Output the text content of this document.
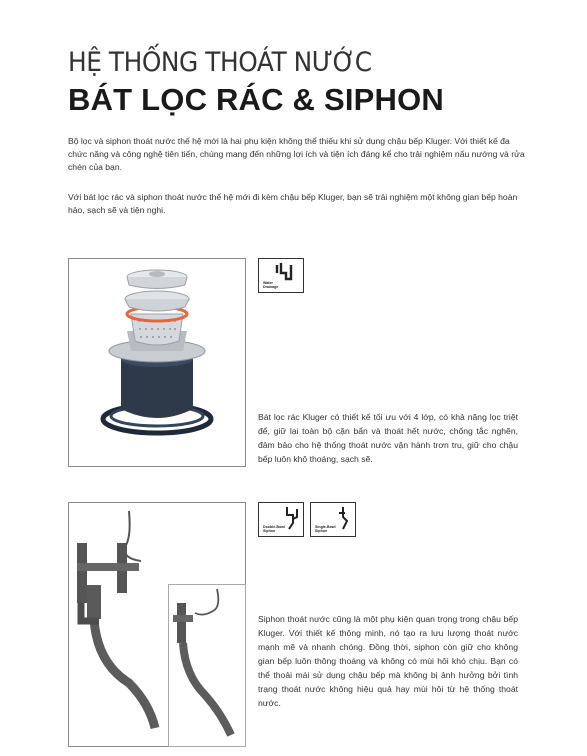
HỆ THỐNG THOÁT NƯỚC
BÁT LỌC RÁC & SIPHON

Bộ lọc và siphon thoát nước thế hệ mới là hai phụ kiện không thể thiếu khi sử dụng chậu bếp Kluger. Với thiết kế đa chức năng và công nghệ tiên tiến, chúng mang đến những lợi ích và tiện ích đáng kể cho trải nghiệm nấu nướng và rửa chén của bạn.

Với bát lọc rác và siphon thoát nước thế hệ mới đi kèm chậu bếp Kluger, bạn sẽ trải nghiệm một không gian bếp hoàn hảo, sạch sẽ và tiện nghi.

Water
Drainage

Bát lọc rác Kluger có thiết kế tối ưu với 4 lớp, có khả năng lọc triệt để, giữ lại toàn bộ cặn bẩn và thoát hết nước, chống tắc nghẽn, đảm bảo cho hệ thống thoát nước vận hành trơn tru, giữ cho chậu bếp luôn khô thoáng, sạch sẽ.

Double-Bowl
Siphon
Single-Bowl
Siphon

Siphon thoát nước cũng là một phụ kiện quan trọng trong chậu bếp Kluger. Với thiết kế thông minh, nó tạo ra lưu lượng thoát nước mạnh mẽ và nhanh chóng. Đồng thời, siphon còn giữ cho không gian bếp luôn thông thoáng và không có mùi hôi khó chịu. Bạn có thể thoải mái sử dụng chậu bếp mà không bị ảnh hưởng bởi tình trạng thoát nước không hiệu quả hay mùi hôi từ hệ thống thoát nước.
